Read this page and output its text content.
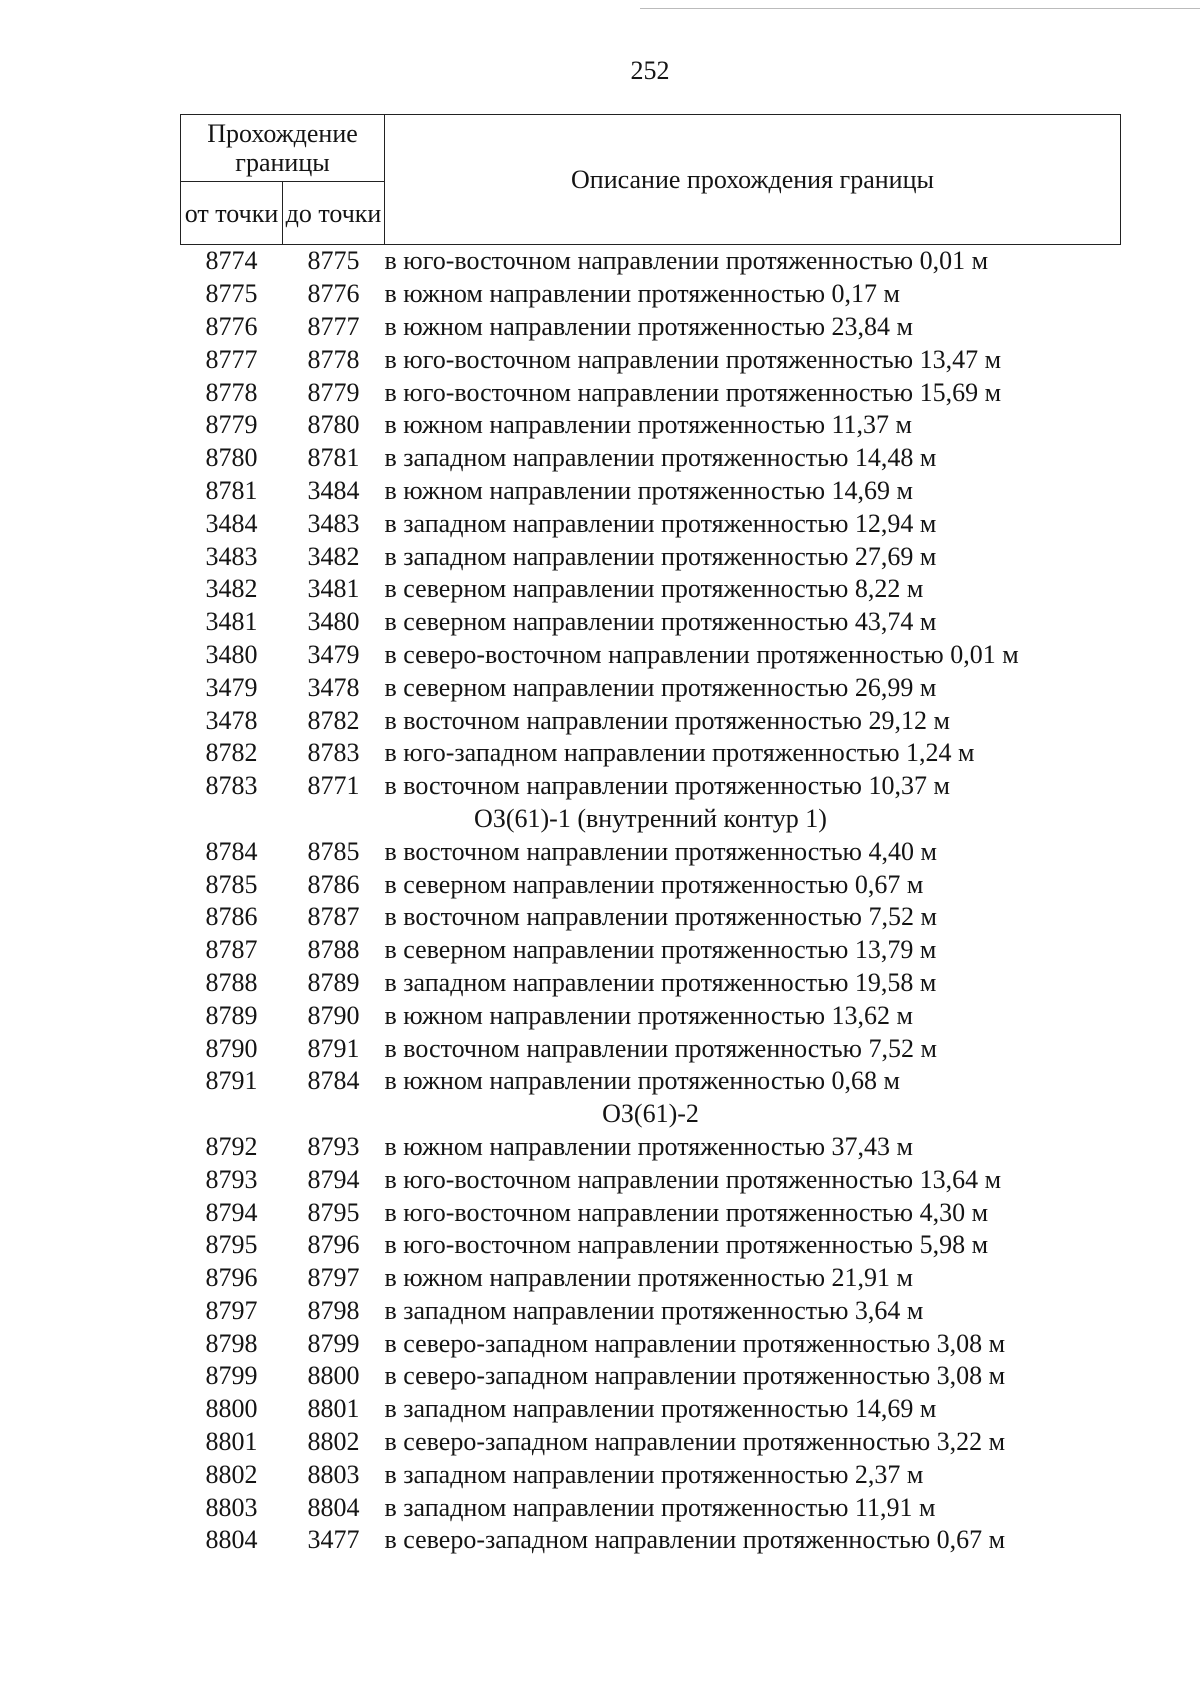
252
Прохождение границы		Описание прохождения границы
от точки	до точки	
8774	8775	в юго-восточном направлении протяженностью 0,01 м
8775	8776	в южном направлении протяженностью 0,17 м
8776	8777	в южном направлении протяженностью 23,84 м
8777	8778	в юго-восточном направлении протяженностью 13,47 м
8778	8779	в юго-восточном направлении протяженностью 15,69 м
8779	8780	в южном направлении протяженностью 11,37 м
8780	8781	в западном направлении протяженностью 14,48 м
8781	3484	в южном направлении протяженностью 14,69 м
3484	3483	в западном направлении протяженностью 12,94 м
3483	3482	в западном направлении протяженностью 27,69 м
3482	3481	в северном направлении протяженностью 8,22 м
3481	3480	в северном направлении протяженностью 43,74 м
3480	3479	в северо-восточном направлении протяженностью 0,01 м
3479	3478	в северном направлении протяженностью 26,99 м
3478	8782	в восточном направлении протяженностью 29,12 м
8782	8783	в юго-западном направлении протяженностью 1,24 м
8783	8771	в восточном направлении протяженностью 10,37 м
ОЗ(61)-1 (внутренний контур 1)		
8784	8785	в восточном направлении протяженностью 4,40 м
8785	8786	в северном направлении протяженностью 0,67 м
8786	8787	в восточном направлении протяженностью 7,52 м
8787	8788	в северном направлении протяженностью 13,79 м
8788	8789	в западном направлении протяженностью 19,58 м
8789	8790	в южном направлении протяженностью 13,62 м
8790	8791	в восточном направлении протяженностью 7,52 м
8791	8784	в южном направлении протяженностью 0,68 м
ОЗ(61)-2		
8792	8793	в южном направлении протяженностью 37,43 м
8793	8794	в юго-восточном направлении протяженностью 13,64 м
8794	8795	в юго-восточном направлении протяженностью 4,30 м
8795	8796	в юго-восточном направлении протяженностью 5,98 м
8796	8797	в южном направлении протяженностью 21,91 м
8797	8798	в западном направлении протяженностью 3,64 м
8798	8799	в северо-западном направлении протяженностью 3,08 м
8799	8800	в северо-западном направлении протяженностью 3,08 м
8800	8801	в западном направлении протяженностью 14,69 м
8801	8802	в северо-западном направлении протяженностью 3,22 м
8802	8803	в западном направлении протяженностью 2,37 м
8803	8804	в западном направлении протяженностью 11,91 м
8804	3477	в северо-западном направлении протяженностью 0,67 м
